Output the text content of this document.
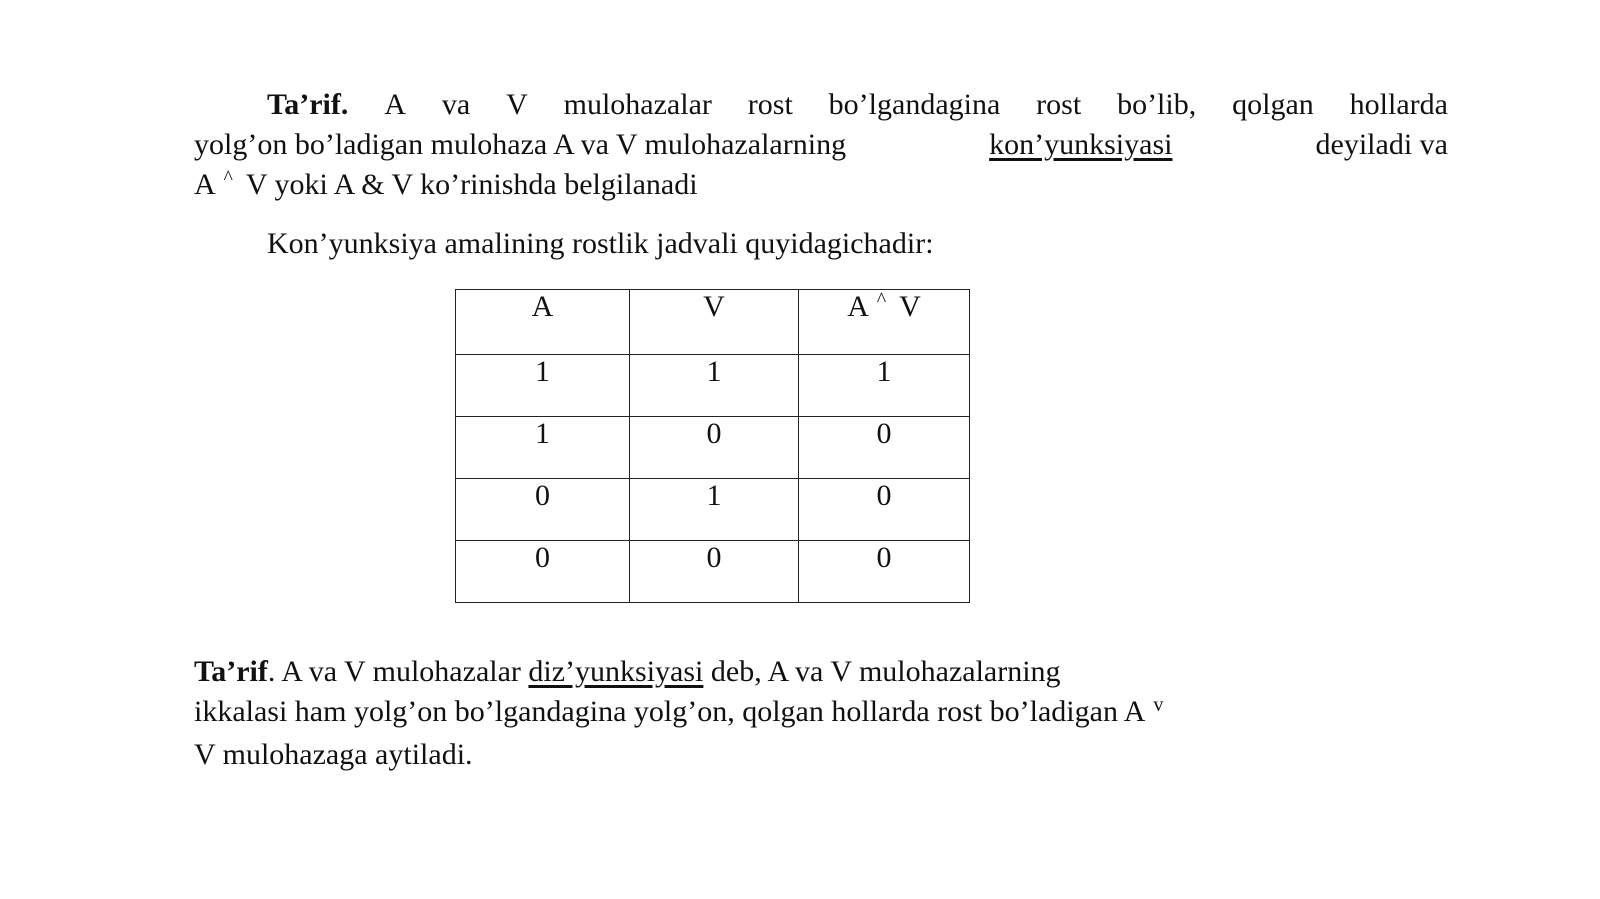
Ta’rif. A va V mulohazalar rost bo’lgandagina rost bo’lib, qolgan hollarda
yolg’on bo’ladigan mulohaza A va V mulohazalarning	kon’yunksiyasi	deyiladi va
A ^ V yoki A & V ko’rinishda belgilanadi
Kon’yunksiya amalining rostlik jadvali quyidagichadir:
A	V	A ^ V
1	1	1
1	0	0
0	1	0
0	0	0
Ta’rif. A va V mulohazalar diz’yunksiyasi deb, A va V mulohazalarning
ikkalasi ham yolg’on bo’lgandagina yolg’on, qolgan hollarda rost bo’ladigan A $^v$
V mulohazaga aytiladi.
